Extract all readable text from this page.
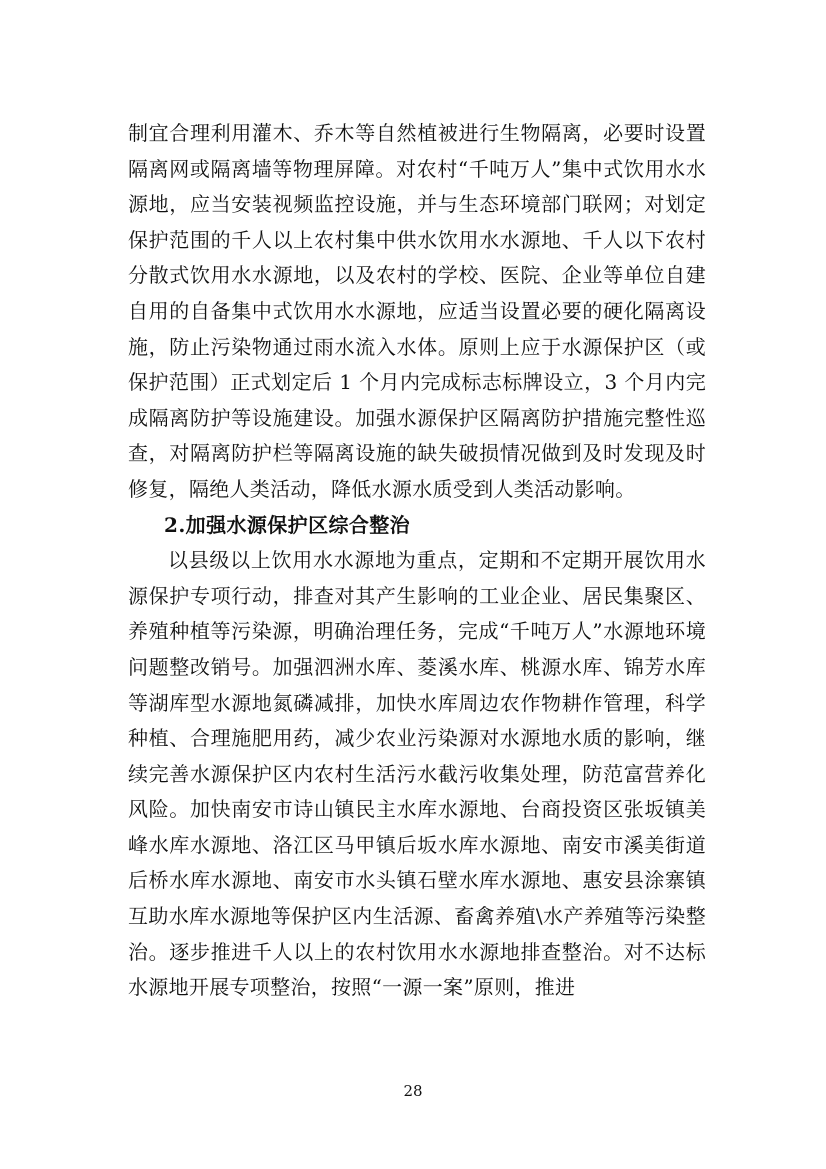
制宜合理利用灌木、乔木等自然植被进行生物隔离，必要时设置隔离网或隔离墙等物理屏障。对农村“千吨万人”集中式饮用水水源地，应当安装视频监控设施，并与生态环境部门联网；对划定保护范围的千人以上农村集中供水饮用水水源地、千人以下农村分散式饮用水水源地，以及农村的学校、医院、企业等单位自建自用的自备集中式饮用水水源地，应适当设置必要的硬化隔离设施，防止污染物通过雨水流入水体。原则上应于水源保护区（或保护范围）正式划定后 1 个月内完成标志标牌设立，3 个月内完成隔离防护等设施建设。加强水源保护区隔离防护措施完整性巡查，对隔离防护栏等隔离设施的缺失破损情况做到及时发现及时修复，隔绝人类活动，降低水源水质受到人类活动影响。

2.加强水源保护区综合整治

以县级以上饮用水水源地为重点，定期和不定期开展饮用水源保护专项行动，排查对其产生影响的工业企业、居民集聚区、养殖种植等污染源，明确治理任务，完成“千吨万人”水源地环境问题整改销号。加强泗洲水库、菱溪水库、桃源水库、锦芳水库等湖库型水源地氮磷减排，加快水库周边农作物耕作管理，科学种植、合理施肥用药，减少农业污染源对水源地水质的影响，继续完善水源保护区内农村生活污水截污收集处理，防范富营养化风险。加快南安市诗山镇民主水库水源地、台商投资区张坂镇美峰水库水源地、洛江区马甲镇后坂水库水源地、南安市溪美街道后桥水库水源地、南安市水头镇石壁水库水源地、惠安县涂寨镇互助水库水源地等保护区内生活源、畜禽养殖\水产养殖等污染整治。逐步推进千人以上的农村饮用水水源地排查整治。对不达标水源地开展专项整治，按照“一源一案”原则，推进

28
